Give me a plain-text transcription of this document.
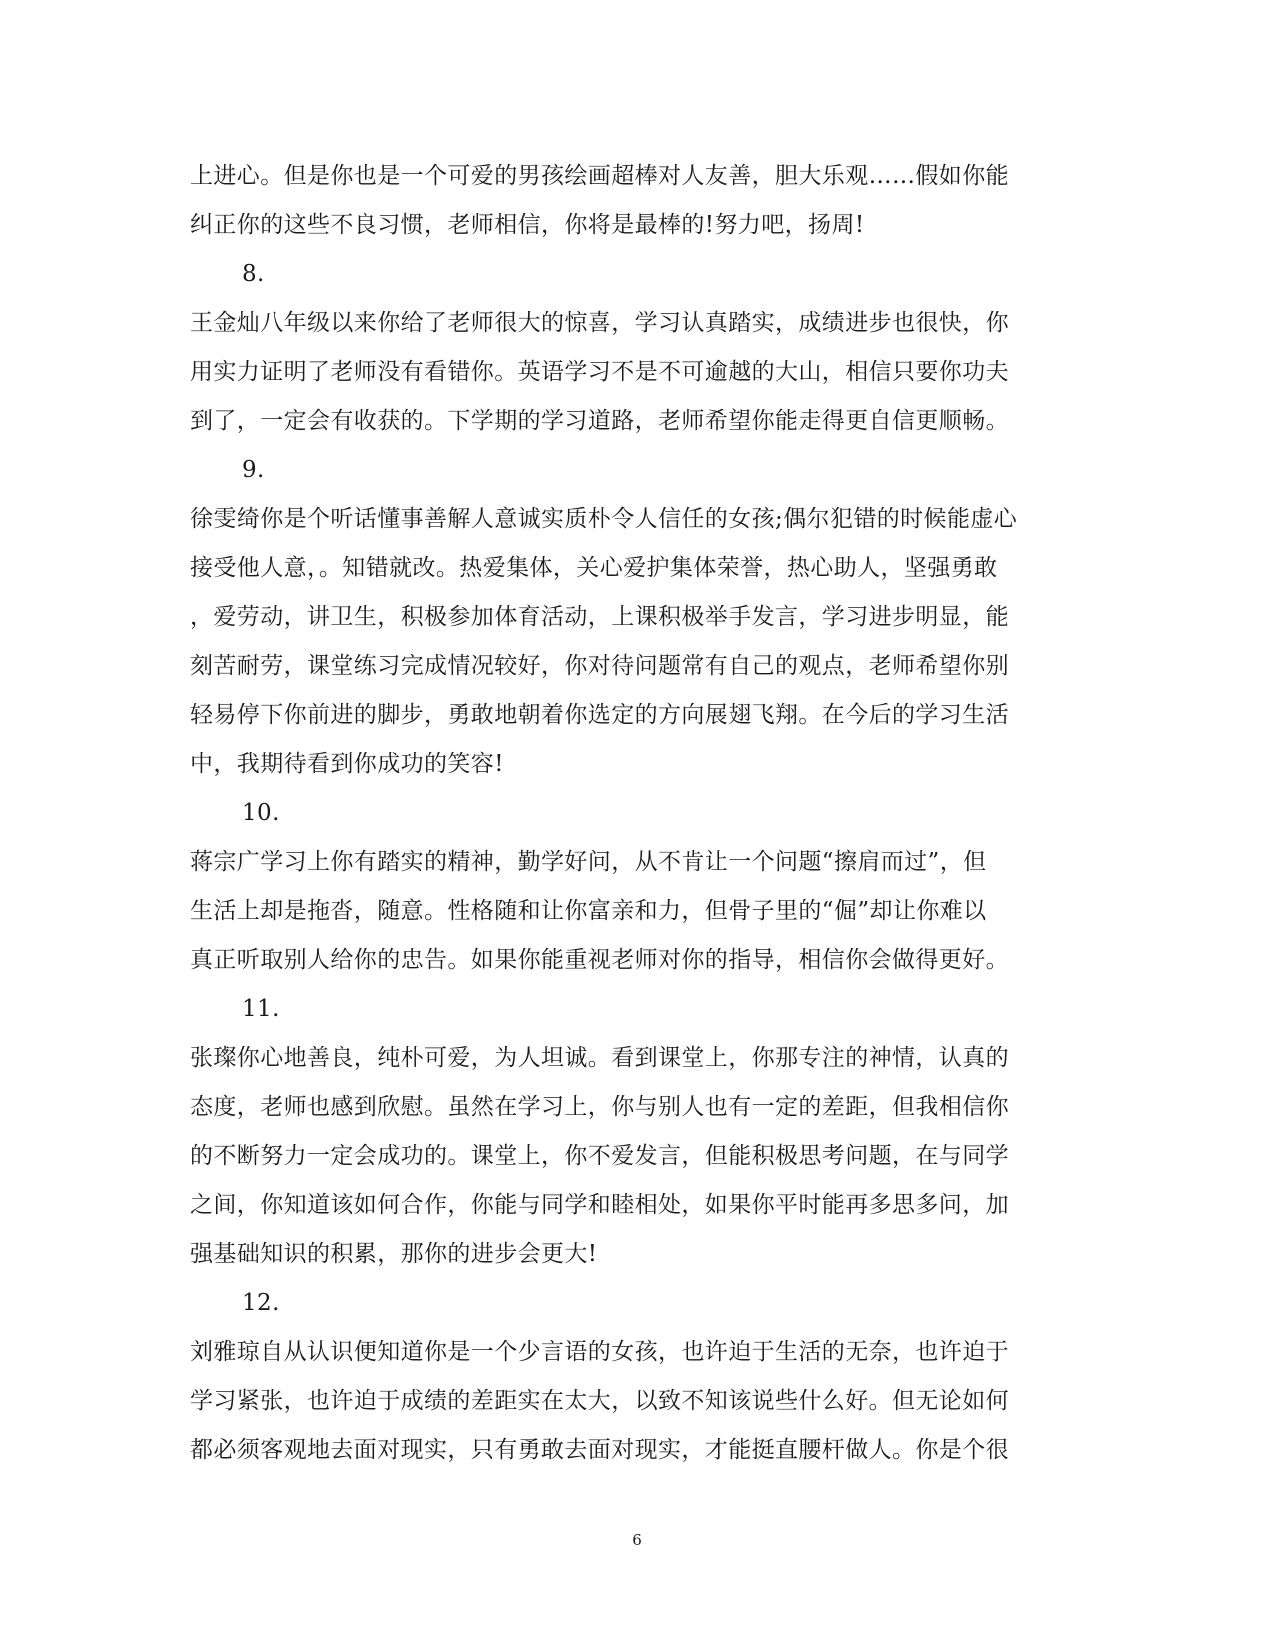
上进心。但是你也是一个可爱的男孩绘画超棒对人友善，胆大乐观……假如你能
纠正你的这些不良习惯，老师相信，你将是最棒的!努力吧，扬周!
8.
王金灿八年级以来你给了老师很大的惊喜，学习认真踏实，成绩进步也很快，你
用实力证明了老师没有看错你。英语学习不是不可逾越的大山，相信只要你功夫
到了，一定会有收获的。下学期的学习道路，老师希望你能走得更自信更顺畅。
9.
徐雯绮你是个听话懂事善解人意诚实质朴令人信任的女孩;偶尔犯错的时候能虚心
接受他人意，。知错就改。热爱集体，关心爱护集体荣誉，热心助人，坚强勇敢
，爱劳动，讲卫生，积极参加体育活动，上课积极举手发言，学习进步明显，能
刻苦耐劳，课堂练习完成情况较好，你对待问题常有自己的观点，老师希望你别
轻易停下你前进的脚步，勇敢地朝着你选定的方向展翅飞翔。在今后的学习生活
中，我期待看到你成功的笑容!
10.
蒋宗广学习上你有踏实的精神，勤学好问，从不肯让一个问题“擦肩而过”，但
生活上却是拖沓，随意。性格随和让你富亲和力，但骨子里的“倔”却让你难以
真正听取别人给你的忠告。如果你能重视老师对你的指导，相信你会做得更好。
11.
张璨你心地善良，纯朴可爱，为人坦诚。看到课堂上，你那专注的神情，认真的
态度，老师也感到欣慰。虽然在学习上，你与别人也有一定的差距，但我相信你
的不断努力一定会成功的。课堂上，你不爱发言，但能积极思考问题，在与同学
之间，你知道该如何合作，你能与同学和睦相处，如果你平时能再多思多问，加
强基础知识的积累，那你的进步会更大!
12.
刘雅琼自从认识便知道你是一个少言语的女孩，也许迫于生活的无奈，也许迫于
学习紧张，也许迫于成绩的差距实在太大，以致不知该说些什么好。但无论如何
都必须客观地去面对现实，只有勇敢去面对现实，才能挺直腰杆做人。你是个很
6
